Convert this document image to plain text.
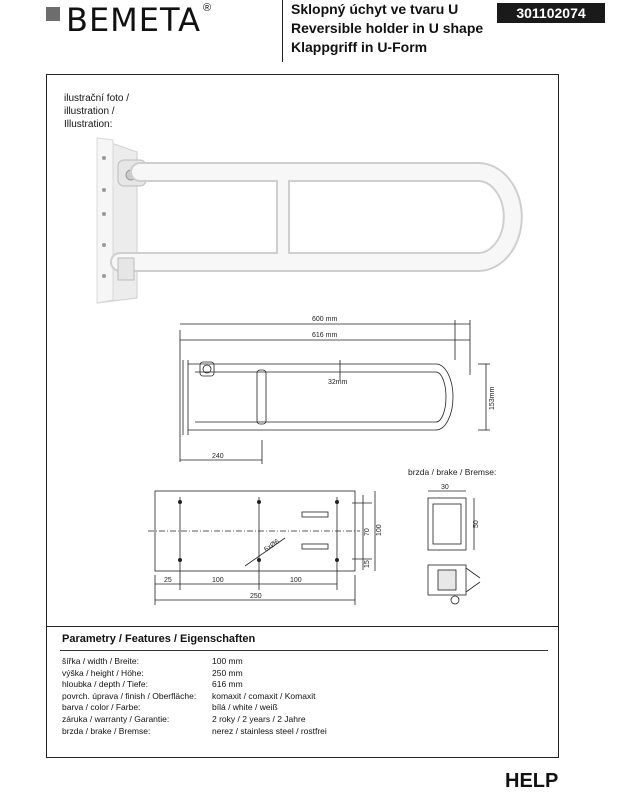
BEMETA ®	Sklopný úchyt ve tvaru U
Reversible holder in U shape
Klappgriff in U-Form
301102074
ilustrační foto /
illustration /
Illustration:
600 mm
616 mm
32mm
153mm
240
25	100	100
250
70 100
15
6xØ6
brzda / brake / Bremse:
30
50
Parametry / Features / Eigenschaften
šířka / width / Breite:	100 mm
výška / height / Höhe:	250 mm
hloubka / depth / Tiefe:	616 mm
povrch. úprava / finish / Oberfläche:	komaxit / comaxit / Komaxit
barva / color / Farbe:	bílá / white / weiß
záruka / warranty / Garantie:	2 roky / 2 years / 2 Jahre
brzda / brake / Bremse:	nerez / stainless steel / rostfrei
HELP
